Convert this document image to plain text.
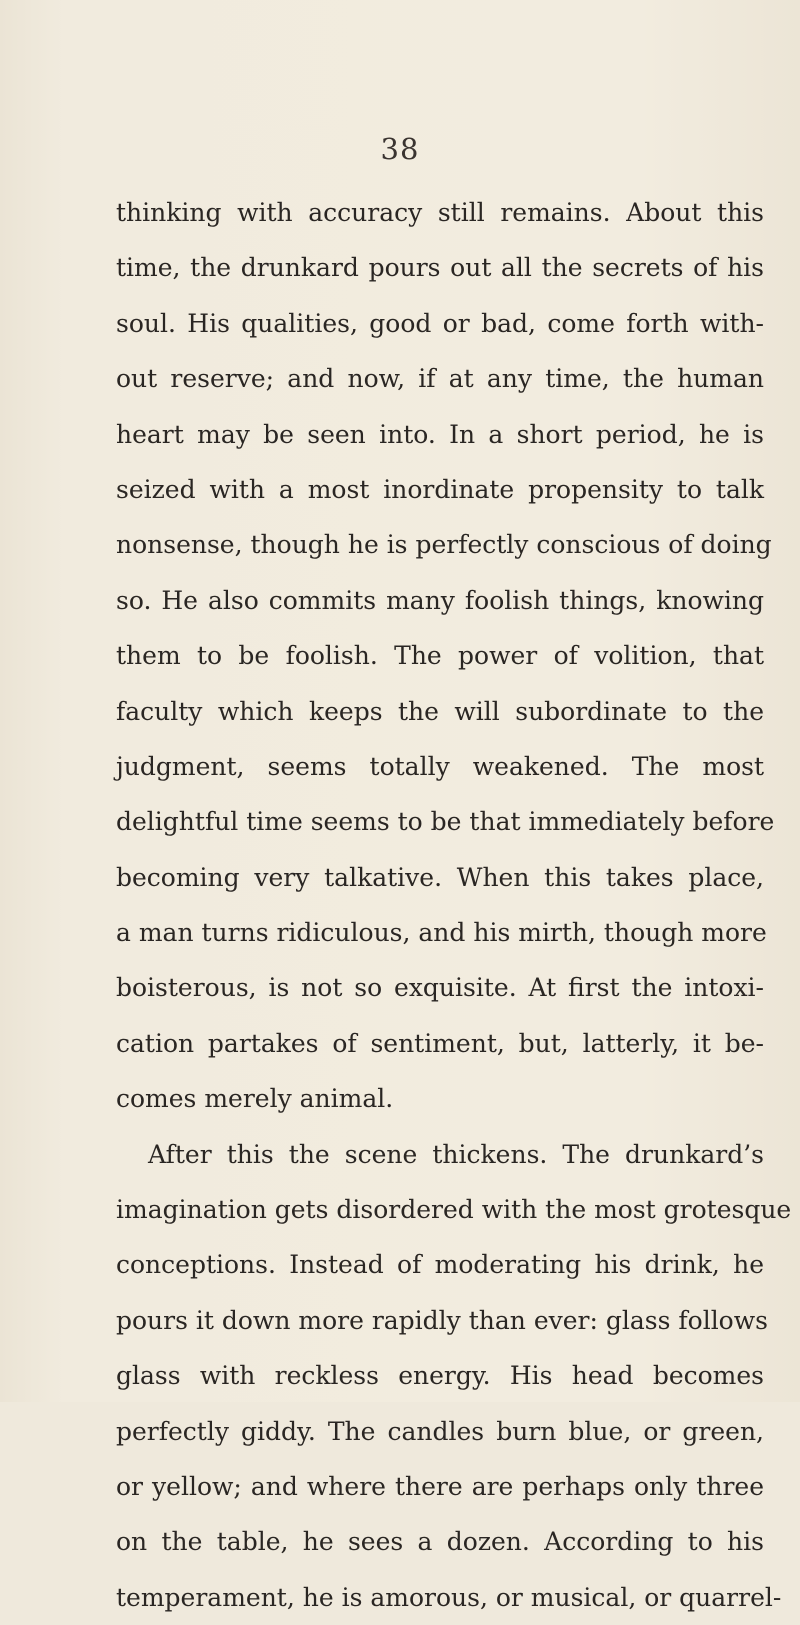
38
thinking with accuracy still remains. About this
time, the drunkard pours out all the secrets of his
soul. His qualities, good or bad, come forth with-
out reserve; and now, if at any time, the human
heart may be seen into. In a short period, he is
seized with a most inordinate propensity to talk
nonsense, though he is perfectly conscious of doing
so. He also commits many foolish things, knowing
them to be foolish. The power of volition, that
faculty which keeps the will subordinate to the
judgment, seems totally weakened. The most
delightful time seems to be that immediately before
becoming very talkative. When this takes place,
a man turns ridiculous, and his mirth, though more
boisterous, is not so exquisite. At first the intoxi-
cation partakes of sentiment, but, latterly, it be-
comes merely animal.
After this the scene thickens. The drunkard’s
imagination gets disordered with the most grotesque
conceptions. Instead of moderating his drink, he
pours it down more rapidly than ever: glass follows
glass with reckless energy. His head becomes
perfectly giddy. The candles burn blue, or green,
or yellow; and where there are perhaps only three
on the table, he sees a dozen. According to his
temperament, he is amorous, or musical, or quarrel-
